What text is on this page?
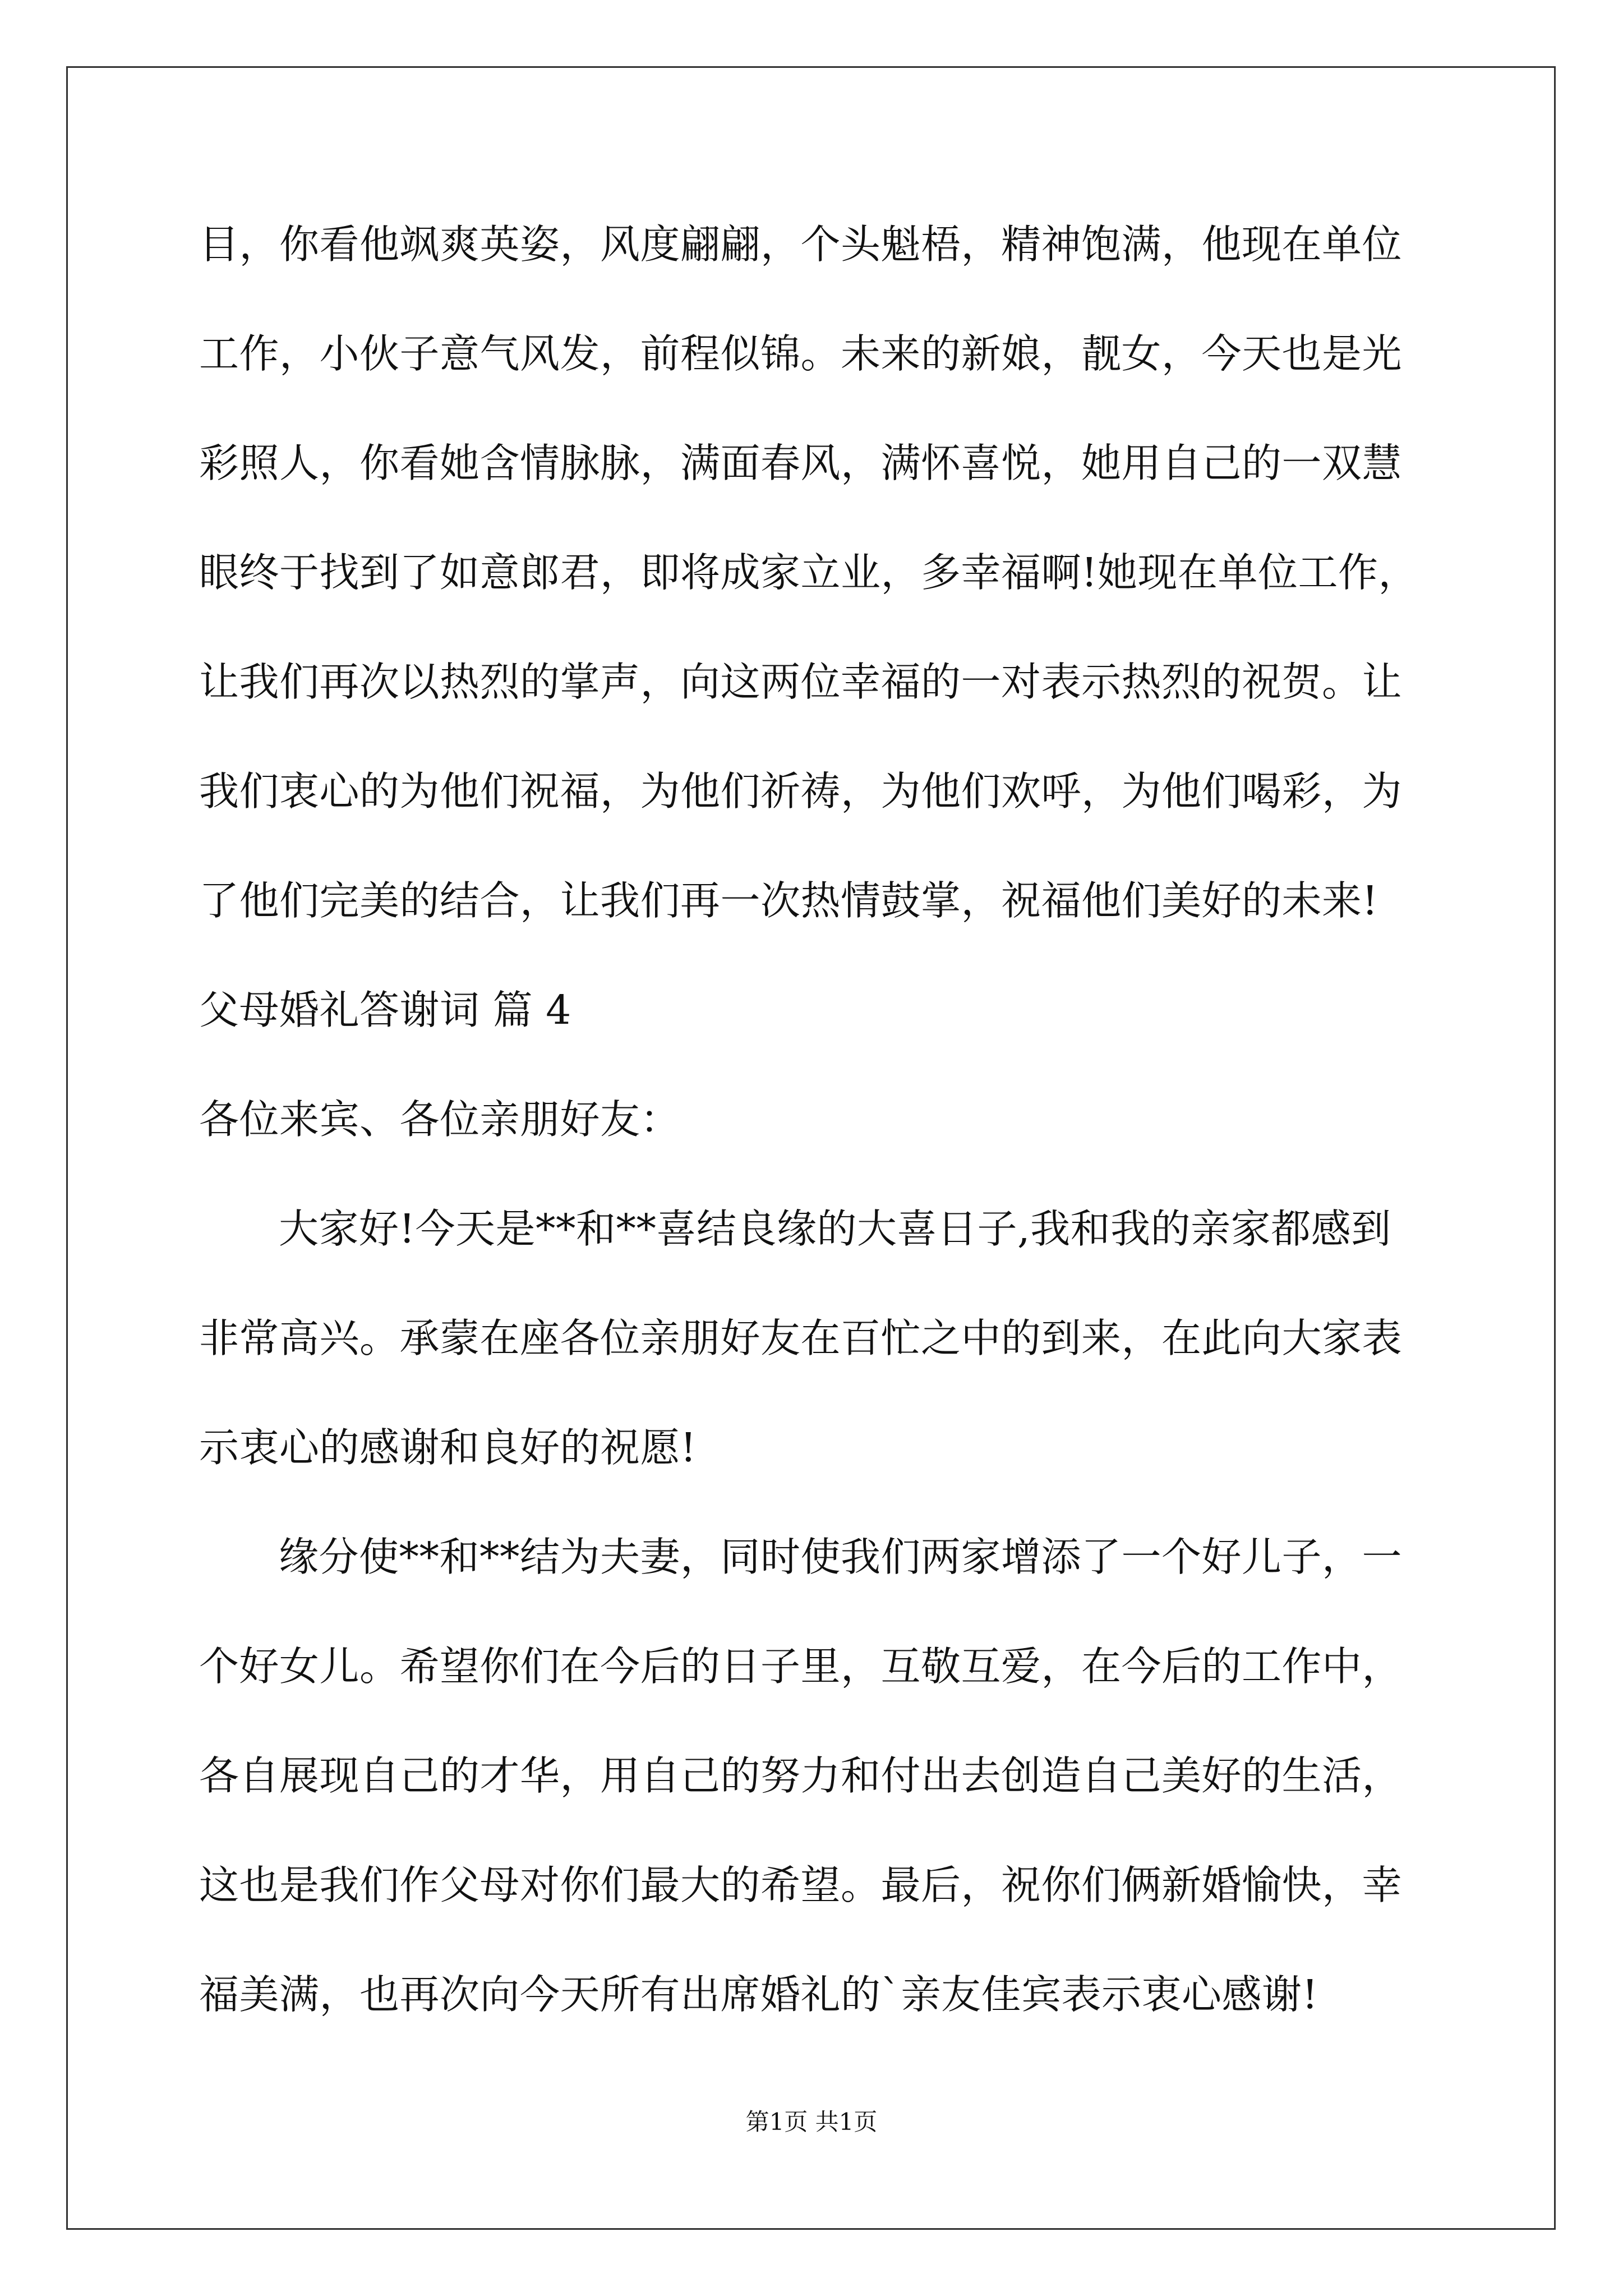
目，你看他飒爽英姿，风度翩翩，个头魁梧，精神饱满，他现在单位
工作，小伙子意气风发，前程似锦。未来的新娘，靓女，今天也是光
彩照人，你看她含情脉脉，满面春风，满怀喜悦，她用自己的一双慧
眼终于找到了如意郎君，即将成家立业，多幸福啊!她现在单位工作，
让我们再次以热烈的掌声，向这两位幸福的一对表示热烈的祝贺。让
我们衷心的为他们祝福，为他们祈祷，为他们欢呼，为他们喝彩，为
了他们完美的结合，让我们再一次热情鼓掌，祝福他们美好的未来!
父母婚礼答谢词 篇 4
各位来宾、各位亲朋好友：
大家好!今天是**和**喜结良缘的大喜日子,我和我的亲家都感到
非常高兴。承蒙在座各位亲朋好友在百忙之中的到来，在此向大家表
示衷心的感谢和良好的祝愿!
缘分使**和**结为夫妻，同时使我们两家增添了一个好儿子，一
个好女儿。希望你们在今后的日子里，互敬互爱，在今后的工作中，
各自展现自己的才华，用自己的努力和付出去创造自己美好的生活，
这也是我们作父母对你们最大的希望。最后，祝你们俩新婚愉快，幸
福美满，也再次向今天所有出席婚礼的`亲友佳宾表示衷心感谢!
第1页 共1页
